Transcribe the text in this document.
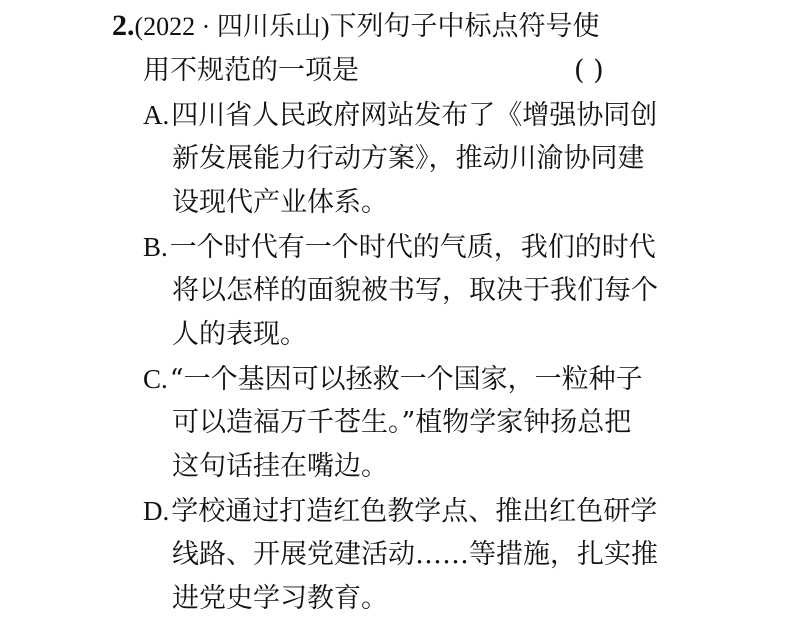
2.(2022 · 四川乐山)下列句子中标点符号使
用不规范的一项是	( )
A.四川省人民政府网站发布了《增强协同创
新发展能力行动方案》，推动川渝协同建
设现代产业体系。
B.一个时代有一个时代的气质，我们的时代
将以怎样的面貌被书写，取决于我们每个
人的表现。
C.“一个基因可以拯救一个国家，一粒种子
可以造福万千苍生。”植物学家钟扬总把
这句话挂在嘴边。
D.学校通过打造红色教学点、推出红色研学
线路、开展党建活动……等措施，扎实推
进党史学习教育。
